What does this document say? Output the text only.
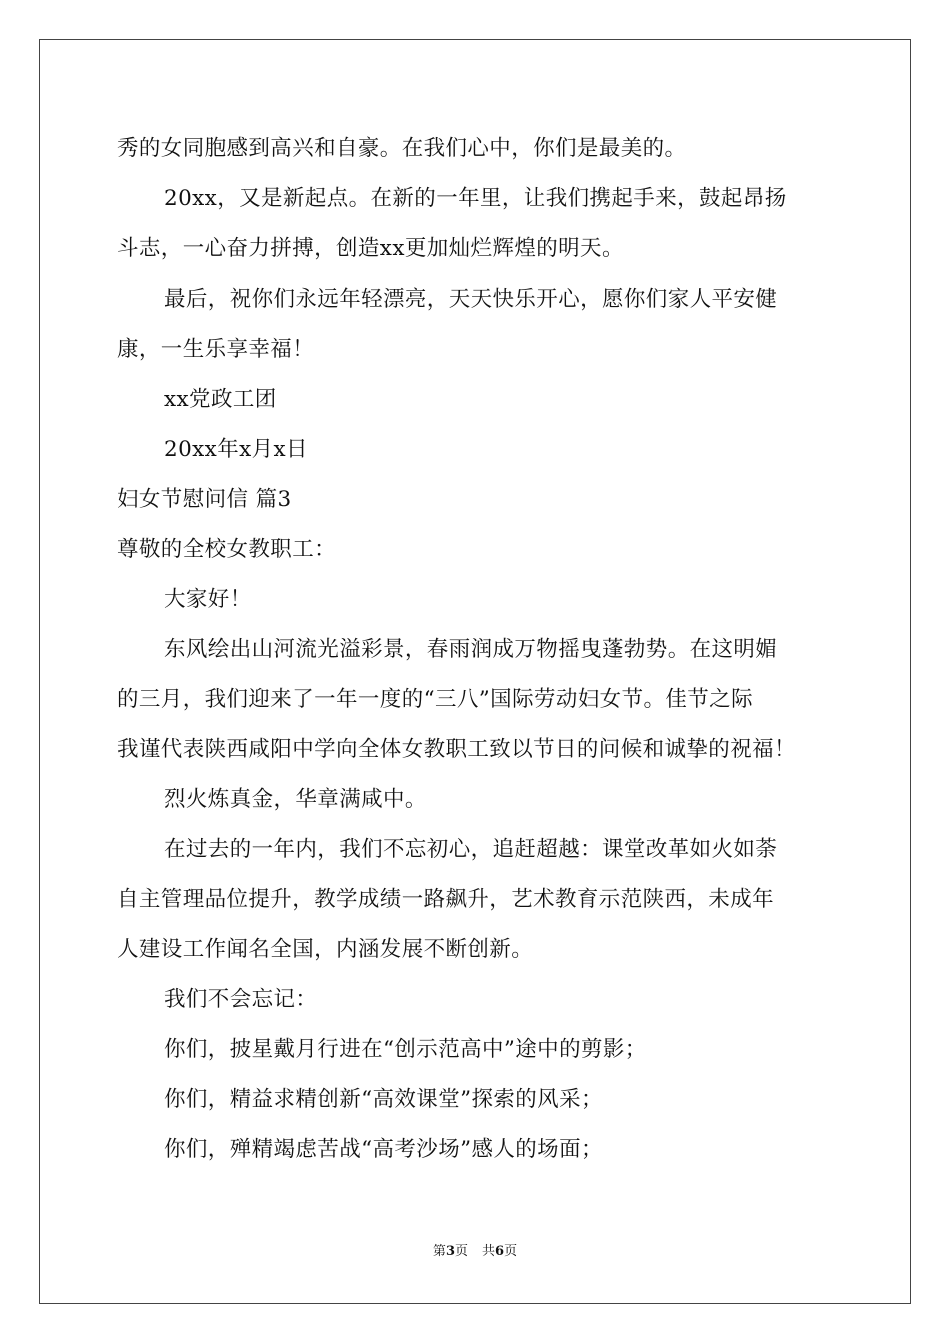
秀的女同胞感到高兴和自豪。在我们心中，你们是最美的。
20xx，又是新起点。在新的一年里，让我们携起手来，鼓起昂扬
斗志，一心奋力拼搏，创造xx更加灿烂辉煌的明天。
最后，祝你们永远年轻漂亮，天天快乐开心，愿你们家人平安健
康，一生乐享幸福！
xx党政工团
20xx年x月x日
妇女节慰问信 篇3
尊敬的全校女教职工：
大家好！
东风绘出山河流光溢彩景，春雨润成万物摇曳蓬勃势。在这明媚
的三月，我们迎来了一年一度的“三八”国际劳动妇女节。佳节之际
我谨代表陕西咸阳中学向全体女教职工致以节日的问候和诚挚的祝福！
烈火炼真金，华章满咸中。
在过去的一年内，我们不忘初心，追赶超越：课堂改革如火如荼
自主管理品位提升，教学成绩一路飙升，艺术教育示范陕西，未成年
人建设工作闻名全国，内涵发展不断创新。
我们不会忘记：
你们，披星戴月行进在“创示范高中”途中的剪影；
你们，精益求精创新“高效课堂”探索的风采；
你们，殚精竭虑苦战“高考沙场”感人的场面；
第3页 共6页
